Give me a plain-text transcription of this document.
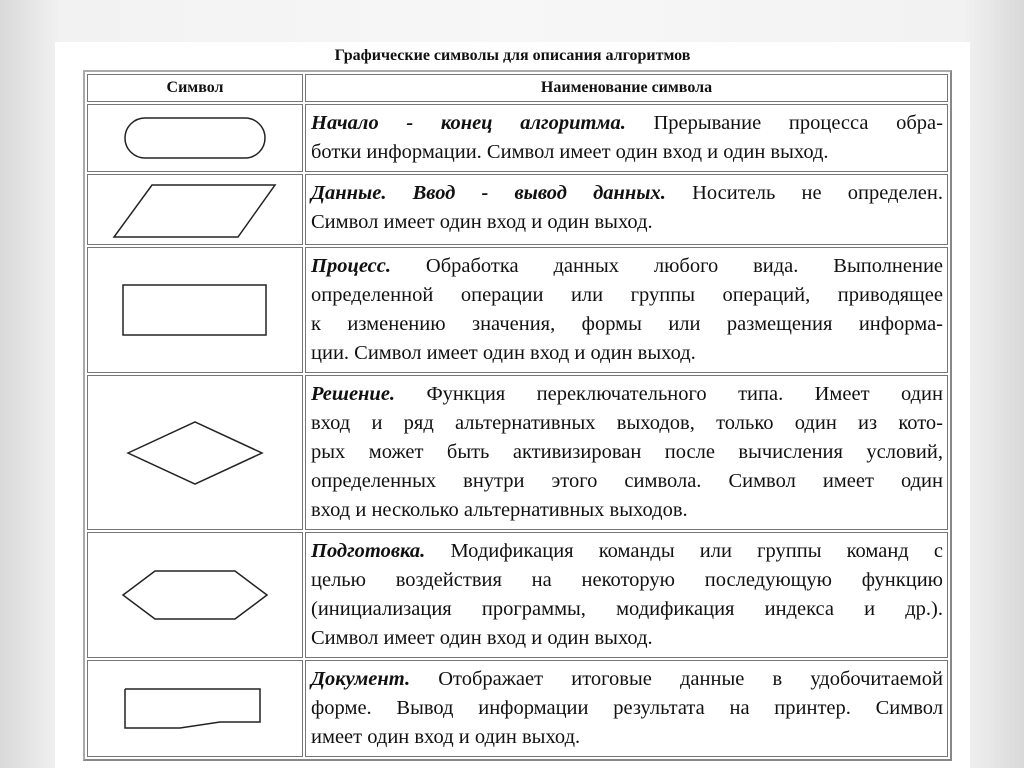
Графические символы для описания алгоритмов
Символ	Наименование символа

Начало - конец алгоритма. Прерывание процесса обра-
ботки информации. Символ имеет один вход и один выход.

Данные. Ввод - вывод данных. Носитель не определен.
Символ имеет один вход и один выход.

Процесс. Обработка данных любого вида. Выполнение
определенной операции или группы операций, приводящее
к изменению значения, формы или размещения информа-
ции. Символ имеет один вход и один выход.

Решение. Функция переключательного типа. Имеет один
вход и ряд альтернативных выходов, только один из кото-
рых может быть активизирован после вычисления условий,
определенных внутри этого символа. Символ имеет один
вход и несколько альтернативных выходов.

Подготовка. Модификация команды или группы команд с
целью воздействия на некоторую последующую функцию
(инициализация программы, модификация индекса и др.).
Символ имеет один вход и один выход.

Документ. Отображает итоговые данные в удобочитаемой
форме. Вывод информации результата на принтер. Символ
имеет один вход и один выход.
